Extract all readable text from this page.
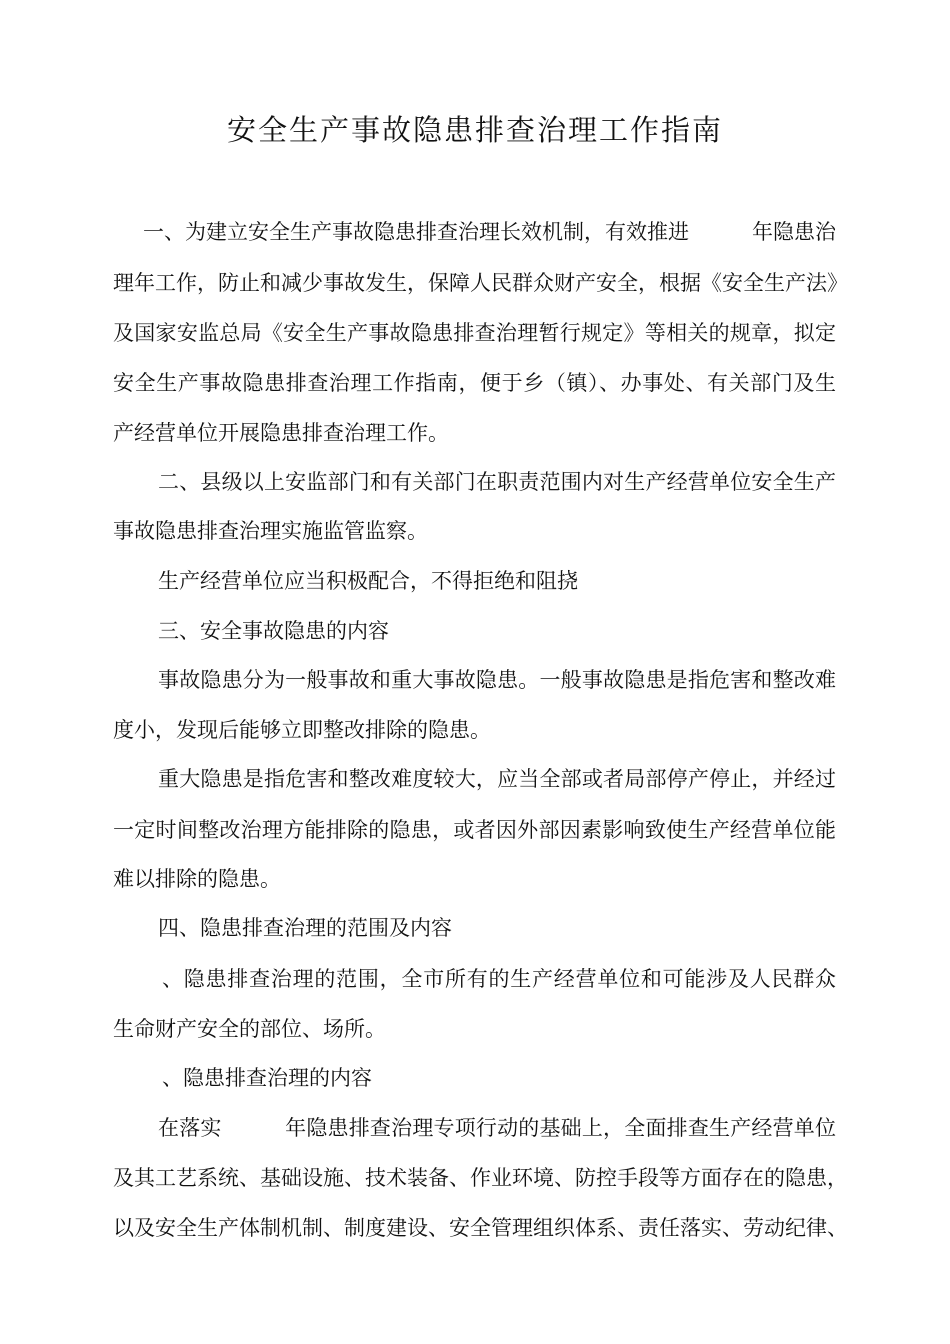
安全生产事故隐患排查治理工作指南
一、为建立安全生产事故隐患排查治理长效机制，有效推进　　　年隐患治
理年工作，防止和减少事故发生，保障人民群众财产安全，根据《安全生产法》
及国家安监总局《安全生产事故隐患排查治理暂行规定》等相关的规章，拟定
安全生产事故隐患排查治理工作指南，便于乡（镇）、办事处、有关部门及生
产经营单位开展隐患排查治理工作。
二、县级以上安监部门和有关部门在职责范围内对生产经营单位安全生产
事故隐患排查治理实施监管监察。
生产经营单位应当积极配合，不得拒绝和阻挠
三、安全事故隐患的内容
事故隐患分为一般事故和重大事故隐患。一般事故隐患是指危害和整改难
度小，发现后能够立即整改排除的隐患。
重大隐患是指危害和整改难度较大，应当全部或者局部停产停止，并经过
一定时间整改治理方能排除的隐患，或者因外部因素影响致使生产经营单位能
难以排除的隐患。
四、隐患排查治理的范围及内容
、隐患排查治理的范围，全市所有的生产经营单位和可能涉及人民群众
生命财产安全的部位、场所。
、隐患排查治理的内容
在落实　　　年隐患排查治理专项行动的基础上，全面排查生产经营单位
及其工艺系统、基础设施、技术装备、作业环境、防控手段等方面存在的隐患，
以及安全生产体制机制、制度建设、安全管理组织体系、责任落实、劳动纪律、
